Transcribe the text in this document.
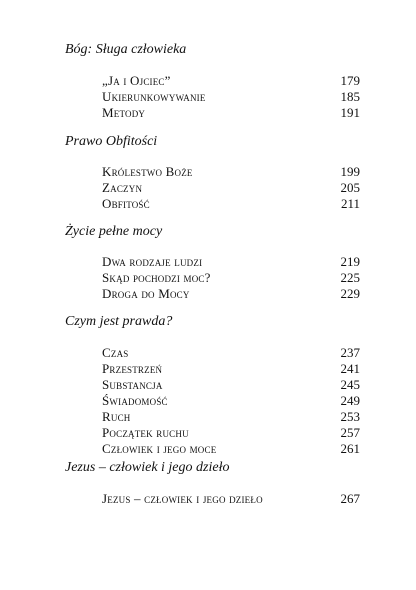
Bóg: Sługa człowieka
„Ja i Ojciec”	179
Ukierunkowywanie	185
Metody	191
Prawo Obfitości
Królestwo Boże	199
Zaczyn	205
Obfitość	211
Życie pełne mocy
Dwa rodzaje ludzi	219
Skąd pochodzi moc?	225
Droga do Mocy	229
Czym jest prawda?
Czas	237
Przestrzeń	241
Substancja	245
Świadomość	249
Ruch	253
Początek ruchu	257
Człowiek i jego moce	261
Jezus – człowiek i jego dzieło
Jezus – człowiek i jego dzieło	267
